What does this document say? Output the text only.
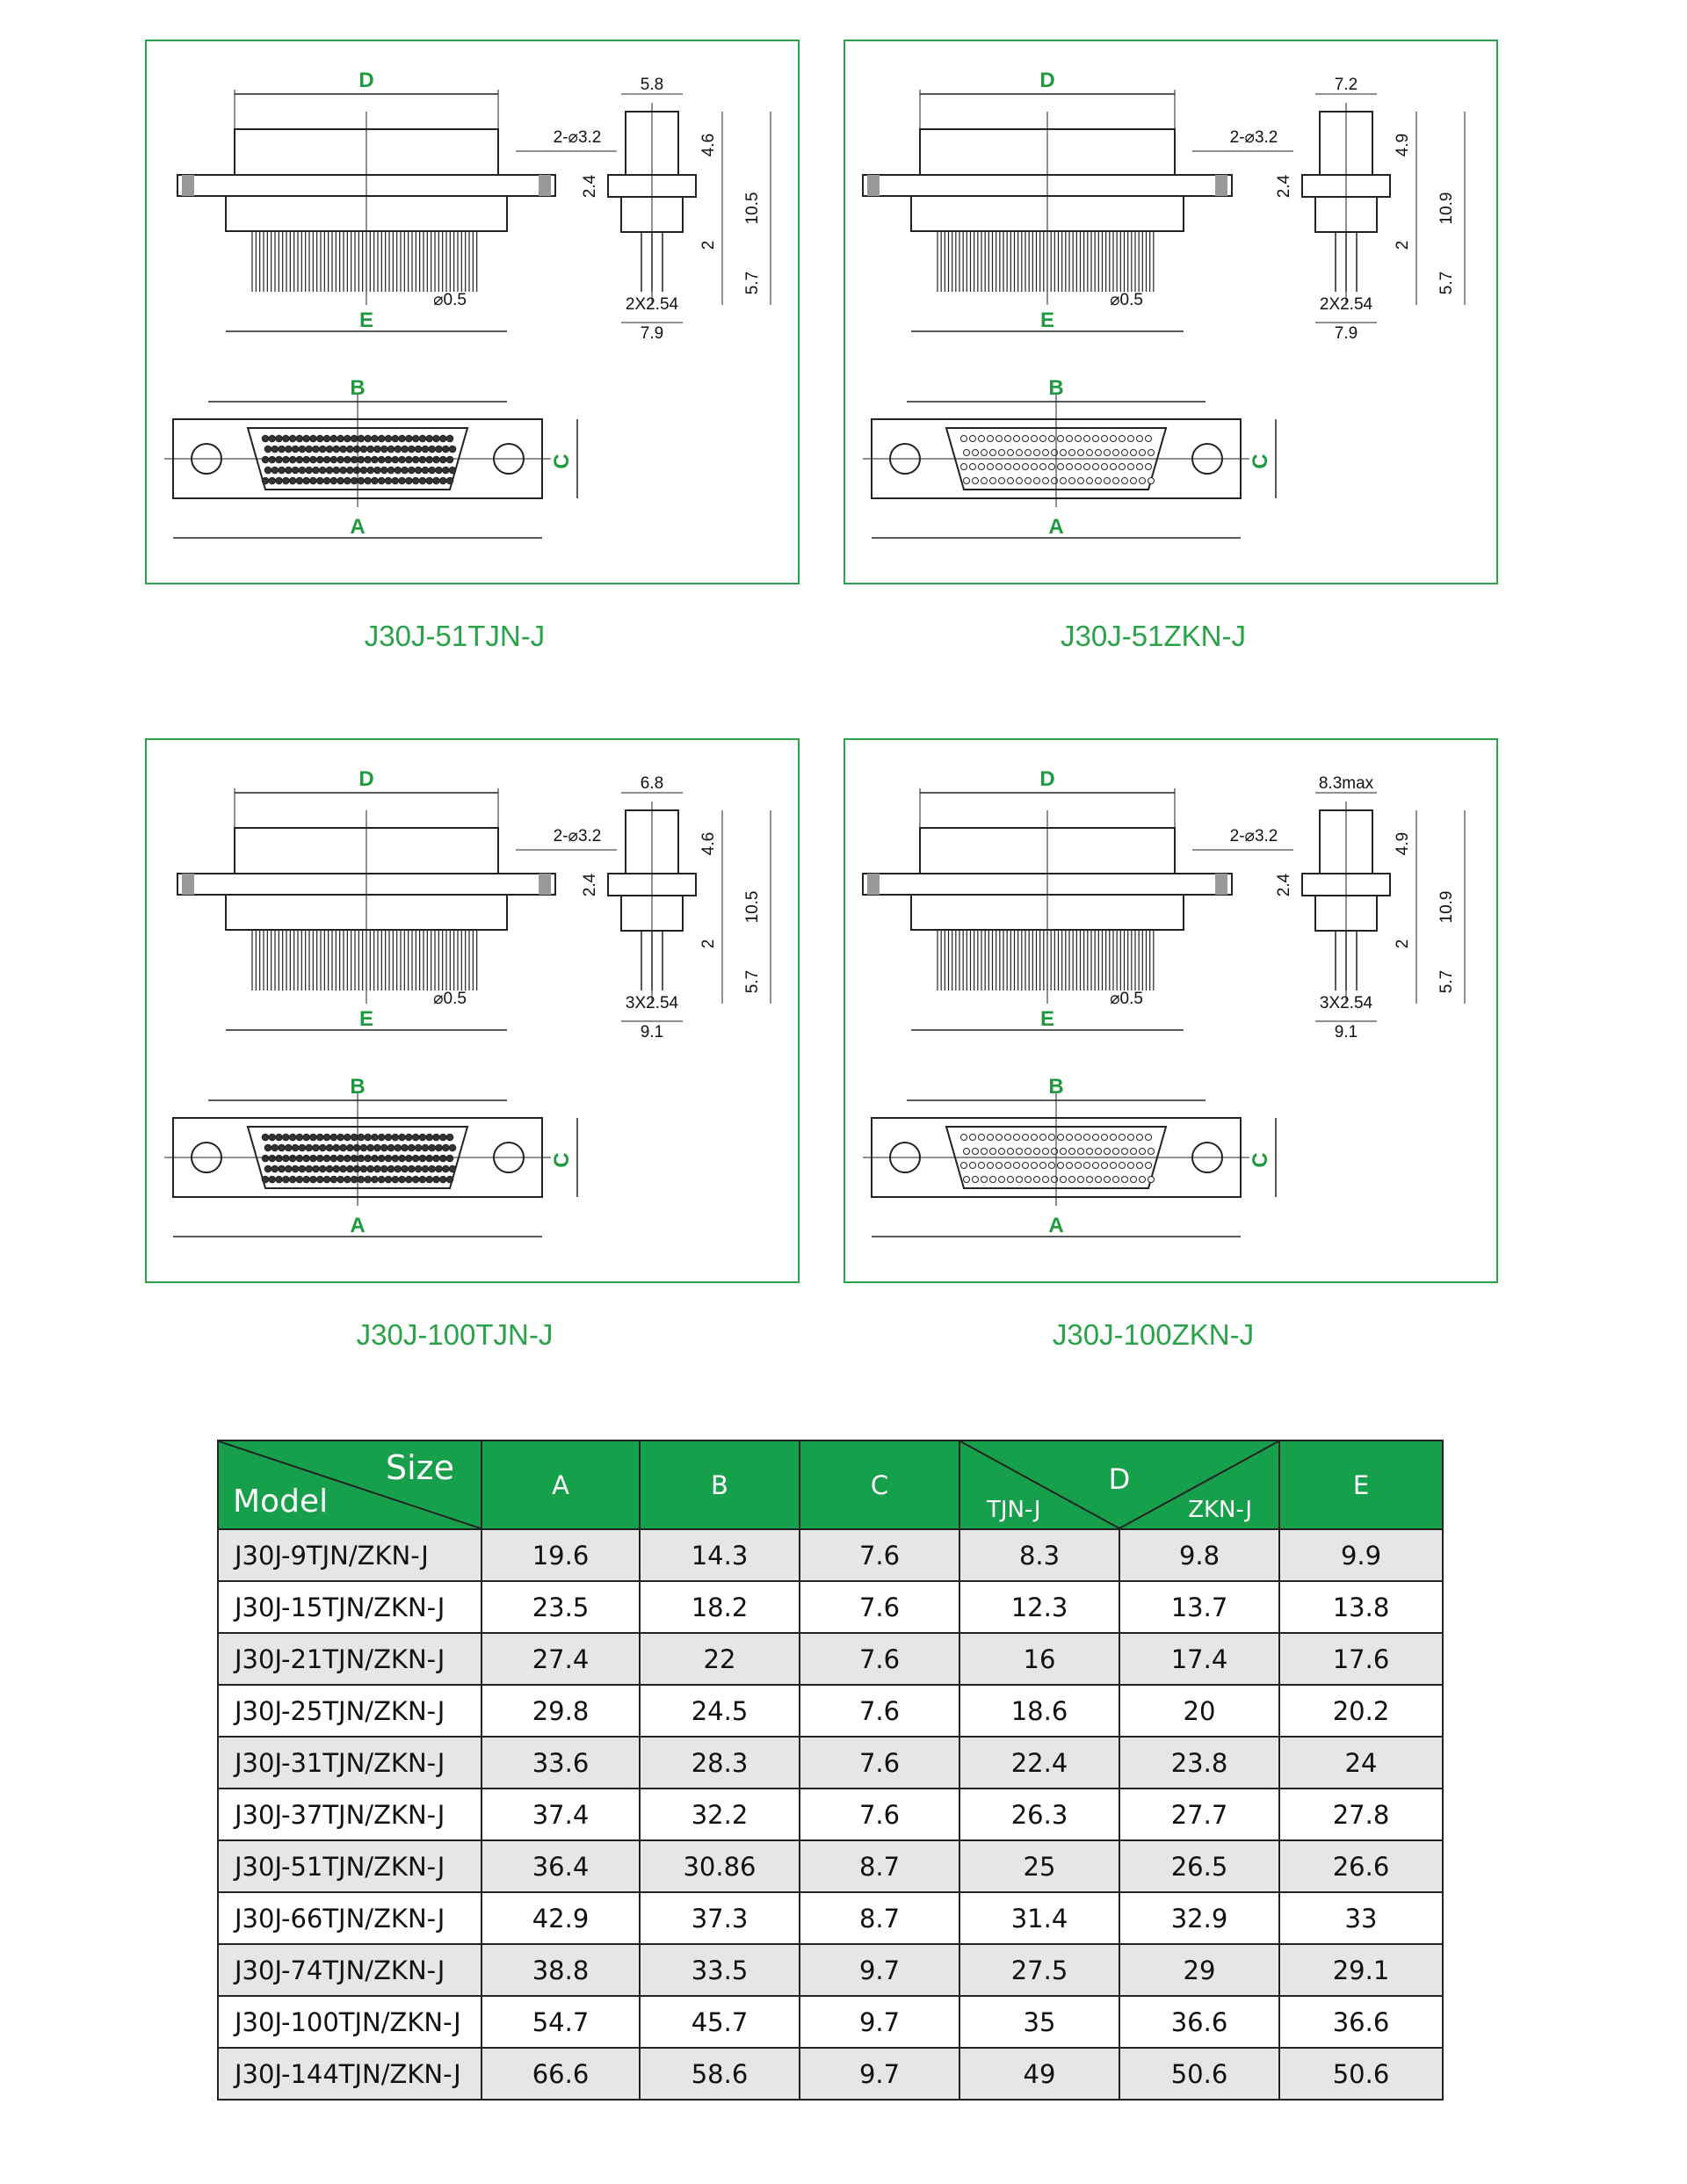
D
2-⌀3.2
E
⌀0.5
5.8
4.6
10.5
2.4
2
5.7
2X2.54
7.9
B
A
C
J30J-51TJN-J
D
2-⌀3.2
E
⌀0.5
7.2
4.9
10.9
2.4
2
5.7
2X2.54
7.9
B
A
C
J30J-51ZKN-J
D
2-⌀3.2
E
⌀0.5
6.8
4.6
10.5
2.4
2
5.7
3X2.54
9.1
B
A
C
J30J-100TJN-J
D
2-⌀3.2
E
⌀0.5
8.3max
4.9
10.9
2.4
2
5.7
3X2.54
9.1
B
A
C
J30J-100ZKN-J
Size
Model	A	B	C	D
TJN-J ZKN-J		E
J30J-9TJN/ZKN-J	19.6	14.3	7.6	8.3	9.8	9.9
J30J-15TJN/ZKN-J	23.5	18.2	7.6	12.3	13.7	13.8
J30J-21TJN/ZKN-J	27.4	22	7.6	16	17.4	17.6
J30J-25TJN/ZKN-J	29.8	24.5	7.6	18.6	20	20.2
J30J-31TJN/ZKN-J	33.6	28.3	7.6	22.4	23.8	24
J30J-37TJN/ZKN-J	37.4	32.2	7.6	26.3	27.7	27.8
J30J-51TJN/ZKN-J	36.4	30.86	8.7	25	26.5	26.6
J30J-66TJN/ZKN-J	42.9	37.3	8.7	31.4	32.9	33
J30J-74TJN/ZKN-J	38.8	33.5	9.7	27.5	29	29.1
J30J-100TJN/ZKN-J	54.7	45.7	9.7	35	36.6	36.6
J30J-144TJN/ZKN-J	66.6	58.6	9.7	49	50.6	50.6
